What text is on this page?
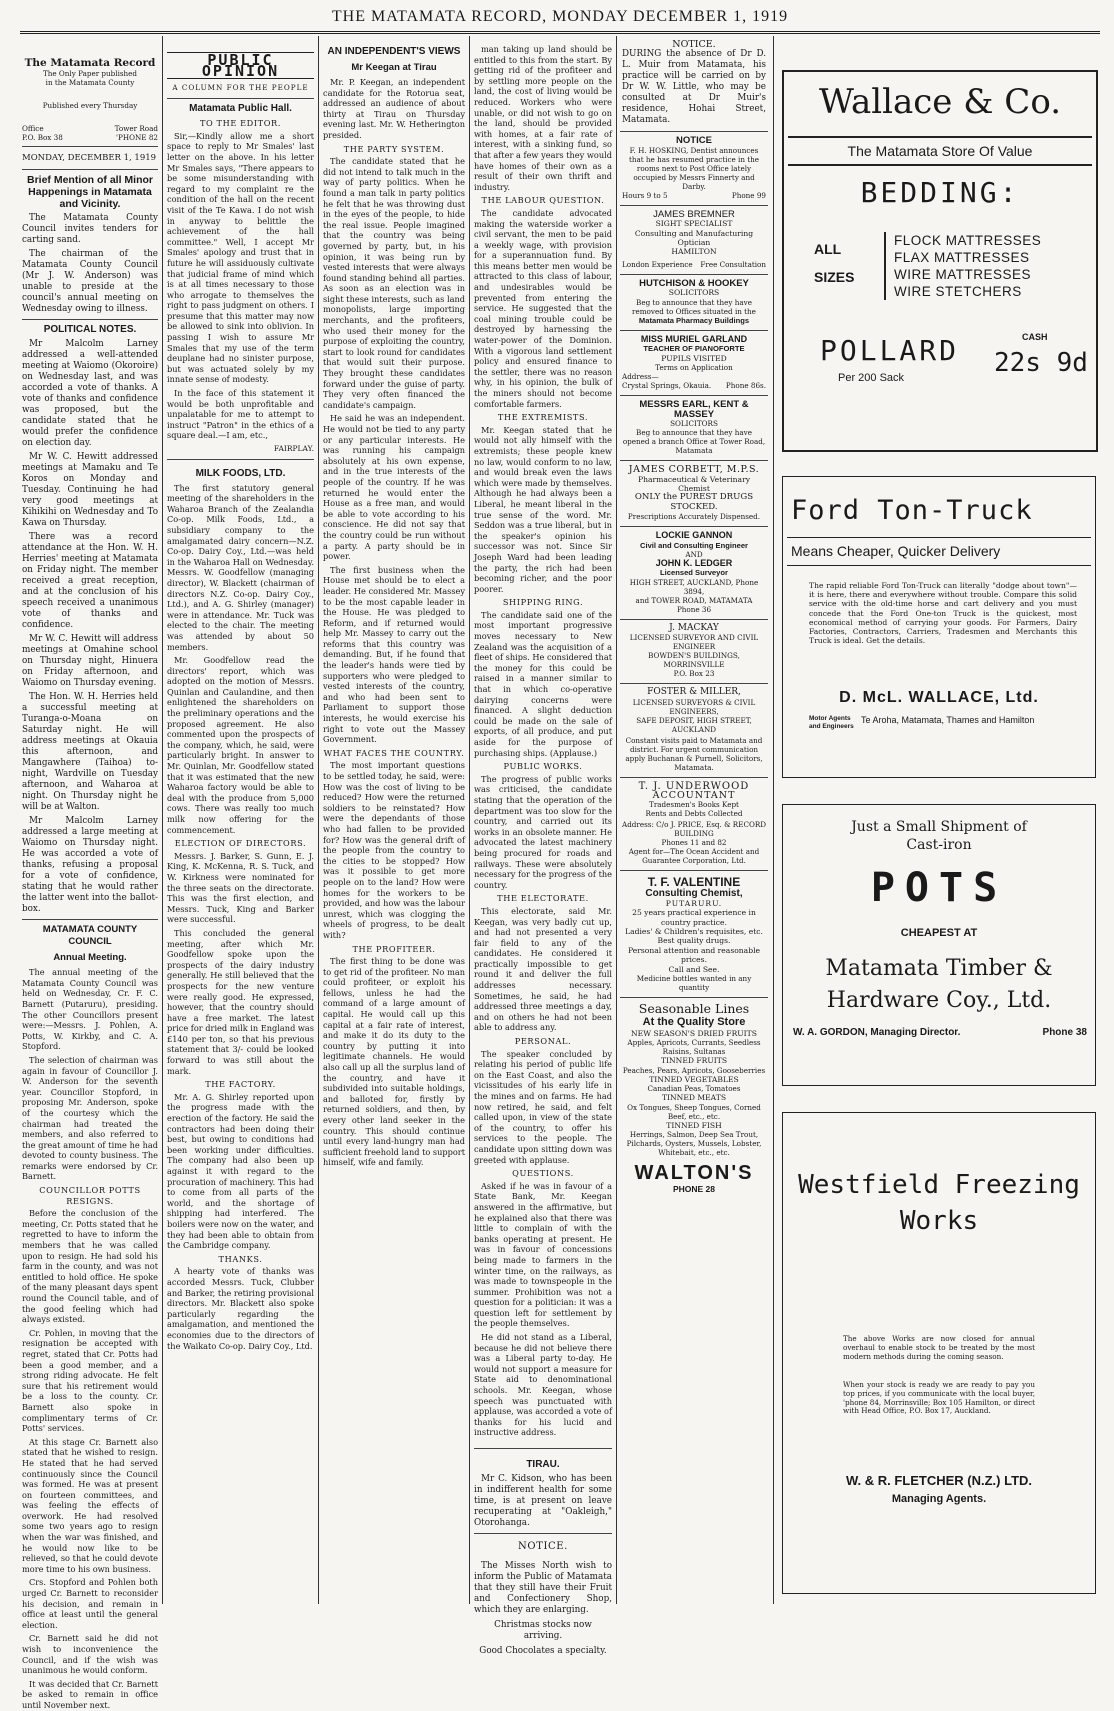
THE MATAMATA RECORD, MONDAY DECEMBER 1, 1919
The Matamata Record
The Only Paper published
in the Matamata County
Published every Thursday
Office	Tower Road
P.O. Box 38	'PHONE 82
MONDAY, DECEMBER 1, 1919
Brief Mention of all Minor Happenings in Matamata and Vicinity.

The Matamata County Council invites tenders for carting sand.

The chairman of the Matamata County Council (Mr J. W. Anderson) was unable to preside at the council's annual meeting on Wednesday owing to illness.

POLITICAL NOTES.

Mr Malcolm Larney addressed a well-attended meeting at Waiomo (Okoroire) on Wednesday last, and was accorded a vote of thanks. A vote of thanks and confidence was proposed, but the candidate stated that he would prefer the confidence on election day.

Mr W. C. Hewitt addressed meetings at Mamaku and Te Koros on Monday and Tuesday. Continuing he had very good meetings at Kihikihi on Wednesday and To Kawa on Thursday.

There was a record attendance at the Hon. W. H. Herries' meeting at Matamata on Friday night. The member received a great reception, and at the conclusion of his speech received a unanimous vote of thanks and confidence.

Mr W. C. Hewitt will address meetings at Omahine school on Thursday night, Hinuera on Friday afternoon, and Waiomo on Thursday evening.

The Hon. W. H. Herries held a successful meeting at Turanga-o-Moana on Saturday night. He will address meetings at Okauia this afternoon, and Mangawhere (Taihoa) to-night, Wardville on Tuesday afternoon, and Waharoa at night. On Thursday night he will be at Walton.

Mr Malcolm Larney addressed a large meeting at Waiomo on Thursday night. He was accorded a vote of thanks, refusing a proposal for a vote of confidence, stating that he would rather the latter went into the ballot-box.

MATAMATA COUNTY COUNCIL
Annual Meeting.

The annual meeting of the Matamata County Council was held on Wednesday, Cr. F. C. Barnett (Putaruru), presiding. The other Councillors present were:—Messrs. J. Pohlen, A. Potts, W. Kirkby, and C. A. Stopford.

The selection of chairman was again in favour of Councillor J. W. Anderson for the seventh year. Councillor Stopford, in proposing Mr. Anderson, spoke of the courtesy which the chairman had treated the members, and also referred to the great amount of time he had devoted to county business. The remarks were endorsed by Cr. Barnett.

COUNCILLOR POTTS RESIGNS.

Before the conclusion of the meeting, Cr. Potts stated that he regretted to have to inform the members that he was called upon to resign. He had sold his farm in the county, and was not entitled to hold office. He spoke of the many pleasant days spent round the Council table, and of the good feeling which had always existed.

Cr. Pohlen, in moving that the resignation be accepted with regret, stated that Cr. Potts had been a good member, and a strong riding advocate. He felt sure that his retirement would be a loss to the county. Cr. Barnett also spoke in complimentary terms of Cr. Potts' services.

At this stage Cr. Barnett also stated that he wished to resign. He stated that he had served continuously since the Council was formed. He was at present on fourteen committees, and was feeling the effects of overwork. He had resolved some two years ago to resign when the war was finished, and he would now like to be relieved, so that he could devote more time to his own business.

Crs. Stopford and Pohlen both urged Cr. Barnett to reconsider his decision, and remain in office at least until the general election.

Cr. Barnett said he did not wish to inconvenience the Council, and if the wish was unanimous he would conform.

It was decided that Cr. Barnett be asked to remain in office until November next.

PUBLIC OPINION
A COLUMN FOR THE PEOPLE
Matamata Public Hall.
TO THE EDITOR.

Sir,—Kindly allow me a short space to reply to Mr Smales' last letter on the above. In his letter Mr Smales says, "There appears to be some misunderstanding with regard to my complaint re the condition of the hall on the recent visit of the Te Kawa. I do not wish in anyway to belittle the achievement of the hall committee." Well, I accept Mr Smales' apology and trust that in future he will assiduously cultivate that judicial frame of mind which is at all times necessary to those who arrogate to themselves the right to pass judgment on others. I presume that this matter may now be allowed to sink into oblivion. In passing I wish to assure Mr Smales that my use of the term deuplane had no sinister purpose, but was actuated solely by my innate sense of modesty.

In the face of this statement it would be both unprofitable and unpalatable for me to attempt to instruct "Patron" in the ethics of a square deal.—I am, etc.,

FAIRPLAY.
MILK FOODS, LTD.

The first statutory general meeting of the shareholders in the Waharoa Branch of the Zealandia Co-op. Milk Foods, Ltd., a subsidiary company to the amalgamated dairy concern—N.Z. Co-op. Dairy Coy., Ltd.—was held in the Waharoa Hall on Wednesday. Messrs. W. Goodfellow (managing director), W. Blackett (chairman of directors N.Z. Co-op. Dairy Coy., Ltd.), and A. G. Shirley (manager) were in attendance. Mr. Tuck was elected to the chair. The meeting was attended by about 50 members.

Mr. Goodfellow read the directors' report, which was adopted on the motion of Messrs. Quinlan and Caulandine, and then enlightened the shareholders on the preliminary operations and the proposed agreement. He also commented upon the prospects of the company, which, he said, were particularly bright. In answer to Mr. Quinlan, Mr. Goodfellow stated that it was estimated that the new Waharoa factory would be able to deal with the produce from 5,000 cows. There was really too much milk now offering for the commencement.

ELECTION OF DIRECTORS.

Messrs. J. Barker, S. Gunn, E. J. King, K. McKenna, R. S. Tuck, and W. Kirkness were nominated for the three seats on the directorate. This was the first election, and Messrs. Tuck, King and Barker were successful.

This concluded the general meeting, after which Mr. Goodfellow spoke upon the prospects of the dairy industry generally. He still believed that the prospects for the new venture were really good. He expressed, however, that the country should have a free market. The latest price for dried milk in England was £140 per ton, so that his previous statement that 3/- could be looked forward to was still about the mark.

THE FACTORY.

Mr. A. G. Shirley reported upon the progress made with the erection of the factory. He said the contractors had been doing their best, but owing to conditions had been working under difficulties. The company had also been up against it with regard to the procuration of machinery. This had to come from all parts of the world, and the shortage of shipping had interfered. The boilers were now on the water, and they had been able to obtain from the Cambridge company.

THANKS.

A hearty vote of thanks was accorded Messrs. Tuck, Clubber and Barker, the retiring provisional directors. Mr. Blackett also spoke particularly regarding the amalgamation, and mentioned the economies due to the directors of the Waikato Co-op. Dairy Coy., Ltd.

AN INDEPENDENT'S VIEWS
Mr Keegan at Tirau

Mr. P. Keegan, an independent candidate for the Rotorua seat, addressed an audience of about thirty at Tirau on Thursday evening last. Mr. W. Hetherington presided.

THE PARTY SYSTEM.

The candidate stated that he did not intend to talk much in the way of party politics. When he found a man talk in party politics he felt that he was throwing dust in the eyes of the people, to hide the real issue. People imagined that the country was being governed by party, but, in his opinion, it was being run by vested interests that were always found standing behind all parties. As soon as an election was in sight these interests, such as land monopolists, large importing merchants, and the profiteers, who used their money for the purpose of exploiting the country, start to look round for candidates that would suit their purpose. They brought these candidates forward under the guise of party. They very often financed the candidate's campaign.

He said he was an independent. He would not be tied to any party or any particular interests. He was running his campaign absolutely at his own expense, and in the true interests of the people of the country. If he was returned he would enter the House as a free man, and would be able to vote according to his conscience. He did not say that the country could be run without a party. A party should be in power.

The first business when the House met should be to elect a leader. He considered Mr. Massey to be the most capable leader in the House. He was pledged to Reform, and if returned would help Mr. Massey to carry out the reforms that this country was demanding. But, if he found that the leader's hands were tied by supporters who were pledged to vested interests of the country, and who had been sent to Parliament to support those interests, he would exercise his right to vote out the Massey Government.

WHAT FACES THE COUNTRY.

The most important questions to be settled today, he said, were: How was the cost of living to be reduced? How were the returned soldiers to be reinstated? How were the dependants of those who had fallen to be provided for? How was the general drift of the people from the country to the cities to be stopped? How was it possible to get more people on to the land? How were homes for the workers to be provided, and how was the labour unrest, which was clogging the wheels of progress, to be dealt with?

THE PROFITEER.

The first thing to be done was to get rid of the profiteer. No man could profiteer, or exploit his fellows, unless he had the command of a large amount of capital. He would call up this capital at a fair rate of interest, and make it do its duty to the country by putting it into legitimate channels. He would also call up all the surplus land of the country, and have it subdivided into suitable holdings, and balloted for, firstly by returned soldiers, and then, by every other land seeker in the country. This should continue until every land-hungry man had sufficient freehold land to support himself, wife and family.

man taking up land should be entitled to this from the start. By getting rid of the profiteer and by settling more people on the land, the cost of living would be reduced. Workers who were unable, or did not wish to go on the land, should be provided with homes, at a fair rate of interest, with a sinking fund, so that after a few years they would have homes of their own as a result of their own thrift and industry.

THE LABOUR QUESTION.

The candidate advocated making the waterside worker a civil servant, the men to be paid a weekly wage, with provision for a superannuation fund. By this means better men would be attracted to this class of labour, and undesirables would be prevented from entering the service. He suggested that the coal mining trouble could be destroyed by harnessing the water-power of the Dominion. With a vigorous land settlement policy and ensured finance to the settler, there was no reason why, in his opinion, the bulk of the miners should not become comfortable farmers.

THE EXTREMISTS.

Mr. Keegan stated that he would not ally himself with the extremists; these people knew no law, would conform to no law, and would break even the laws which were made by themselves. Although he had always been a Liberal, he meant liberal in the true sense of the word. Mr. Seddon was a true liberal, but in the speaker's opinion his successor was not. Since Sir Joseph Ward had been leading the party, the rich had been becoming richer, and the poor poorer.

SHIPPING RING.

The candidate said one of the most important progressive moves necessary to New Zealand was the acquisition of a fleet of ships. He considered that the money for this could be raised in a manner similar to that in which co-operative dairying concerns were financed. A slight deduction could be made on the sale of exports, of all produce, and put aside for the purpose of purchasing ships. (Applause.)

PUBLIC WORKS.

The progress of public works was criticised, the candidate stating that the operation of the department was too slow for the country, and carried out its works in an obsolete manner. He advocated the latest machinery being procured for roads and railways. These were absolutely necessary for the progress of the country.

THE ELECTORATE.

This electorate, said Mr. Keegan, was very badly cut up, and had not presented a very fair field to any of the candidates. He considered it practically impossible to get round it and deliver the full addresses necessary. Sometimes, he said, he had addressed three meetings a day, and on others he had not been able to address any.

PERSONAL.

The speaker concluded by relating his period of public life on the East Coast, and also the vicissitudes of his early life in the mines and on farms. He had now retired, he said, and felt called upon, in view of the state of the country, to offer his services to the people. The candidate upon sitting down was greeted with applause.

QUESTIONS.

Asked if he was in favour of a State Bank, Mr. Keegan answered in the affirmative, but he explained also that there was little to complain of with the banks operating at present. He was in favour of concessions being made to farmers in the winter time, on the railways, as was made to townspeople in the summer. Prohibition was not a question for a politician: it was a question left for settlement by the people themselves.

He did not stand as a Liberal, because he did not believe there was a Liberal party to-day. He would not support a measure for State aid to denominational schools. Mr. Keegan, whose speech was punctuated with applause, was accorded a vote of thanks for his lucid and instructive address.

TIRAU.

Mr C. Kidson, who has been in indifferent health for some time, is at present on leave recuperating at "Oakleigh," Otorohanga.

NOTICE.

The Misses North wish to inform the Public of Matamata that they still have their Fruit and Confectionery Shop, which they are enlarging.

Christmas stocks now arriving.
Good Chocolates a specialty.
NOTICE.
DURING the absence of Dr D. L. Muir from Matamata, his practice will be carried on by Dr W. W. Little, who may be consulted at Dr Muir's residence, Hohai Street, Matamata.
NOTICE
F. H. HOSKING, Dentist announces that he has resumed practice in the rooms next to Post Office lately occupied by Messrs Finnerty and Darby.
Hours 9 to 5	Phone 99
JAMES BREMNER
SIGHT SPECIALIST
Consulting and Manufacturing Optician
HAMILTON
London Experience Free Consultation
HUTCHISON & HOOKEY
SOLICITORS
Beg to announce that they have removed to Offices situated in the
Matamata Pharmacy Buildings
MISS MURIEL GARLAND
TEACHER OF PIANOFORTE
PUPILS VISITED
Terms on Application
Address—
Crystal Springs, Okauia. Phone 86s.
MESSRS EARL, KENT & MASSEY
SOLICITORS
Beg to announce that they have opened a branch Office at Tower Road, Matamata
JAMES CORBETT, M.P.S.
Pharmaceutical & Veterinary Chemist
ONLY the PUREST DRUGS STOCKED.
Prescriptions Accurately Dispensed.
LOCKIE GANNON
Civil and Consulting Engineer
AND
JOHN K. LEDGER
Licensed Surveyor
HIGH STREET, AUCKLAND, Phone 3894,
and TOWER ROAD, MATAMATA
Phone 36
J. MACKAY
LICENSED SURVEYOR AND CIVIL ENGINEER
BOWDEN'S BUILDINGS, MORRINSVILLE
P.O. Box 23
FOSTER & MILLER,
LICENSED SURVEYORS & CIVIL ENGINEERS,
SAFE DEPOSIT, HIGH STREET, AUCKLAND
Constant visits paid to Matamata and district. For urgent communication apply Buchanan & Purnell, Solicitors, Matamata.
T. J. UNDERWOOD
ACCOUNTANT
Tradesmen's Books Kept
Rents and Debts Collected
Address: C/o J. PRICE, Esq. & RECORD BUILDING
Phones 11 and 82
Agent for—The Ocean Accident and Guarantee Corporation, Ltd.
T. F. VALENTINE
Consulting Chemist,
PUTARURU.
25 years practical experience in country practice.
Ladies' & Children's requisites, etc.
Best quality drugs.
Personal attention and reasonable prices.
Call and See.
Medicine bottles wanted in any quantity
Seasonable Lines
At the Quality Store
NEW SEASON'S DRIED FRUITS
Apples, Apricots, Currants, Seedless Raisins, Sultanas
TINNED FRUITS
Peaches, Pears, Apricots, Gooseberries
TINNED VEGETABLES
Canadian Peas, Tomatoes
TINNED MEATS
Ox Tongues, Sheep Tongues, Corned Beef, etc., etc.
TINNED FISH
Herrings, Salmon, Deep Sea Trout, Pilchards, Oysters, Mussels, Lobster, Whitebait, etc., etc.
WALTON'S
PHONE 28
Wallace & Co.
The Matamata Store Of Value
BEDDING:
ALL
SIZES
FLOCK MATTRESSES
FLAX MATTRESSES
WIRE MATTRESSES
WIRE STETCHERS
POLLARD	CASH
22s 9d
Per 200 Sack
Ford Ton-Truck
Means Cheaper, Quicker Delivery
The rapid reliable Ford Ton-Truck can literally "dodge about town"—it is here, there and everywhere without trouble. Compare this solid service with the old-time horse and cart delivery and you must concede that the Ford One-ton Truck is the quickest, most economical method of carrying your goods. For Farmers, Dairy Factories, Contractors, Carriers, Tradesmen and Merchants this Truck is ideal. Get the details.
D. McL. WALLACE, Ltd.
Motor Agents
and Engineers
Te Aroha, Matamata, Thames and Hamilton
Just a Small Shipment of
Cast-iron
POTS
CHEAPEST AT
Matamata Timber &
Hardware Coy., Ltd.
W. A. GORDON, Managing Director.	Phone 38
Westfield Freezing
Works
The above Works are now closed for annual overhaul to enable stock to be treated by the most modern methods during the coming season.
When your stock is ready we are ready to pay you top prices, if you communicate with the local buyer, 'phone 84, Morrinsville; Box 105 Hamilton, or direct with Head Office, P.O. Box 17, Auckland.
W. & R. FLETCHER (N.Z.) LTD.
Managing Agents.
